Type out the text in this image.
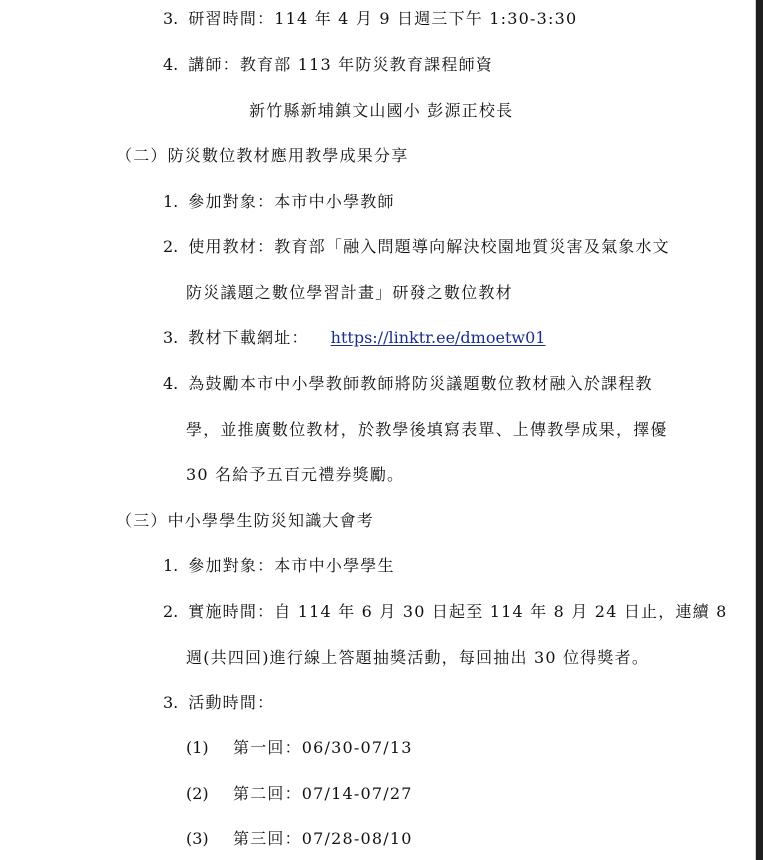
3. 研習時間：114 年 4 月 9 日週三下午 1:30-3:30
4. 講師：教育部 113 年防災教育課程師資
新竹縣新埔鎮文山國小 彭源正校長
（二）防災數位教材應用教學成果分享
1. 參加對象：本市中小學教師
2. 使用教材：教育部「融入問題導向解決校園地質災害及氣象水文
防災議題之數位學習計畫」研發之數位教材
3. 教材下載網址： https://linktr.ee/dmoetw01
4. 為鼓勵本市中小學教師教師將防災議題數位教材融入於課程教
學，並推廣數位教材，於教學後填寫表單、上傳教學成果，擇優
30 名給予五百元禮券獎勵。
（三）中小學學生防災知識大會考
1. 參加對象：本市中小學學生
2. 實施時間：自 114 年 6 月 30 日起至 114 年 8 月 24 日止，連續 8
週(共四回)進行線上答題抽獎活動，每回抽出 30 位得獎者。
3. 活動時間：
(1) 第一回：06/30-07/13
(2) 第二回：07/14-07/27
(3) 第三回：07/28-08/10
